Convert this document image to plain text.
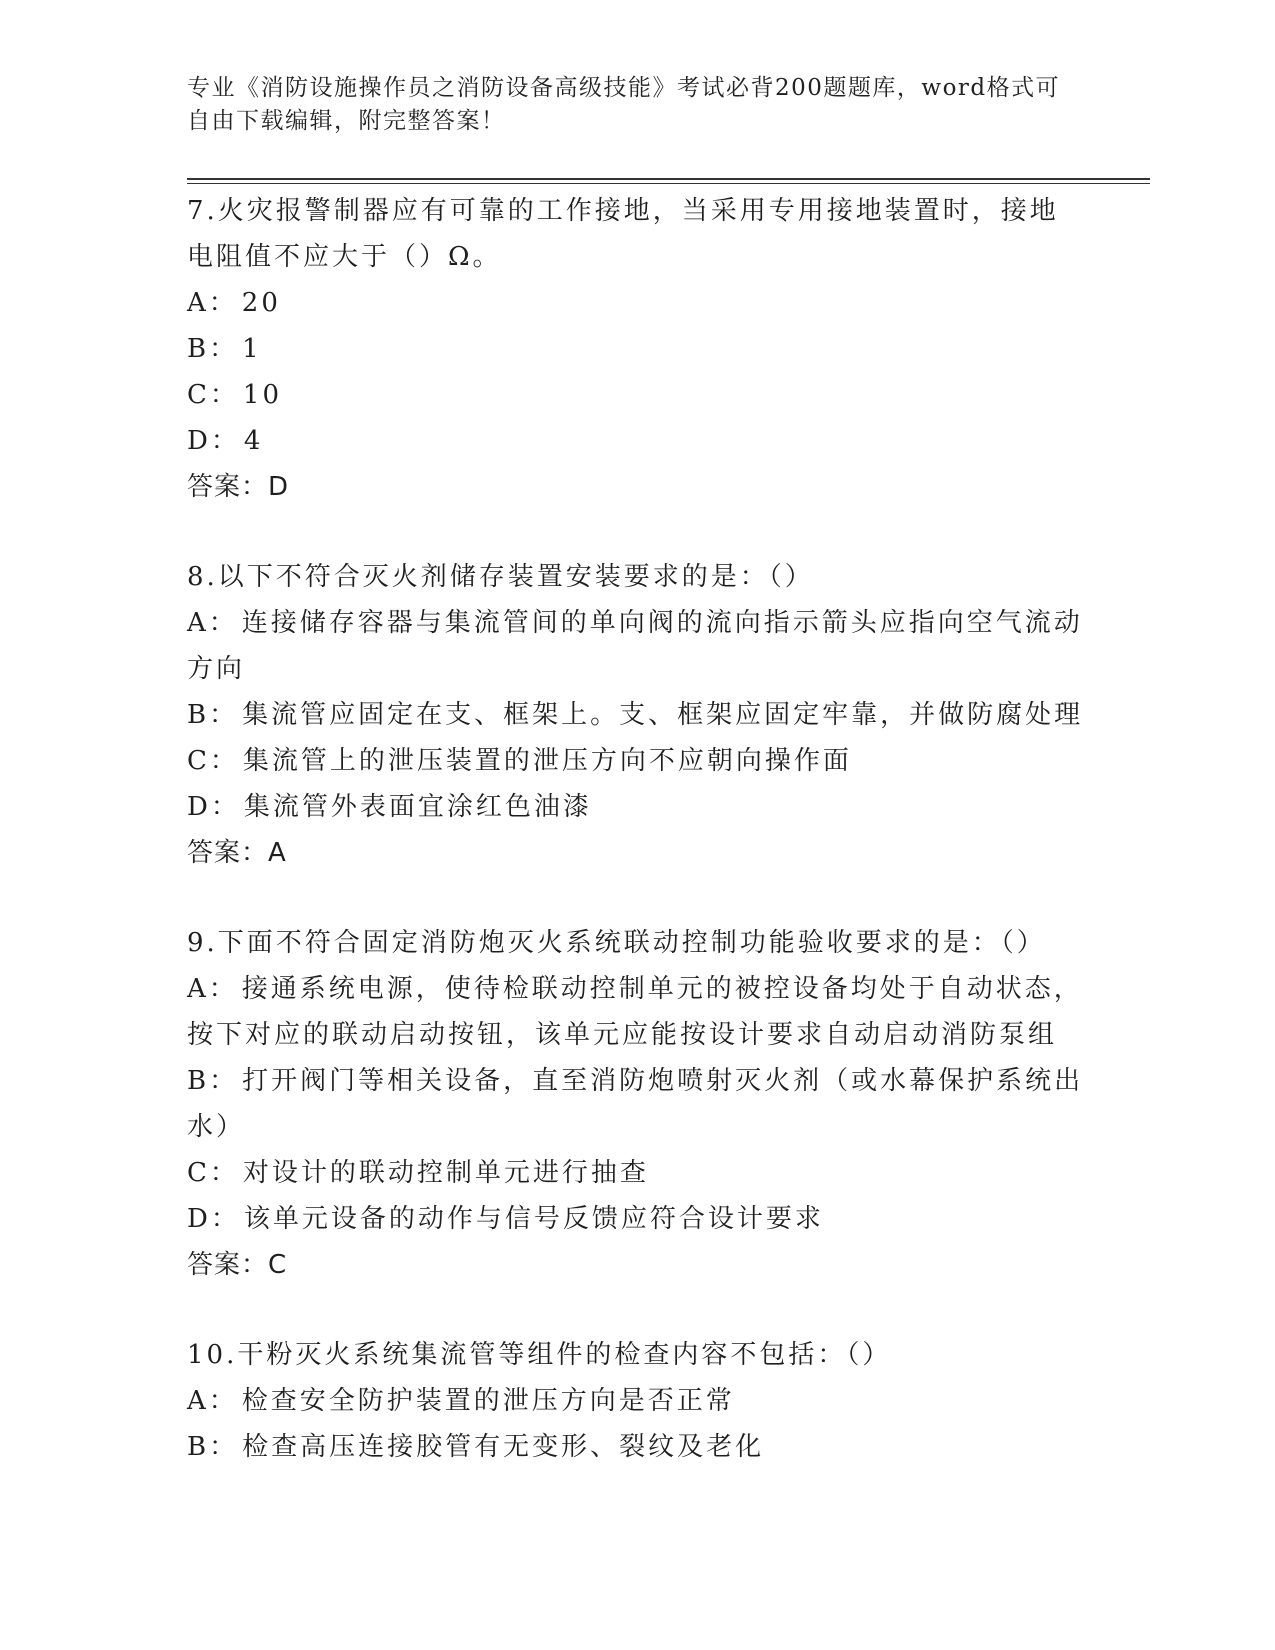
专业《消防设施操作员之消防设备高级技能》考试必背200题题库，word格式可
自由下载编辑，附完整答案！

7.火灾报警制器应有可靠的工作接地，当采用专用接地装置时，接地

电阻值不应大于（）Ω。

A： 20

B： 1

C： 10

D： 4

答案：D

8.以下不符合灭火剂储存装置安装要求的是：（）

A： 连接储存容器与集流管间的单向阀的流向指示箭头应指向空气流动

方向

B： 集流管应固定在支、框架上。支、框架应固定牢靠，并做防腐处理

C： 集流管上的泄压装置的泄压方向不应朝向操作面

D： 集流管外表面宜涂红色油漆

答案：A

9.下面不符合固定消防炮灭火系统联动控制功能验收要求的是：（）

A： 接通系统电源，使待检联动控制单元的被控设备均处于自动状态，

按下对应的联动启动按钮，该单元应能按设计要求自动启动消防泵组

B： 打开阀门等相关设备，直至消防炮喷射灭火剂（或水幕保护系统出

水）

C： 对设计的联动控制单元进行抽查

D： 该单元设备的动作与信号反馈应符合设计要求

答案：C

10.干粉灭火系统集流管等组件的检查内容不包括：（）

A： 检查安全防护装置的泄压方向是否正常

B： 检查高压连接胶管有无变形、裂纹及老化
